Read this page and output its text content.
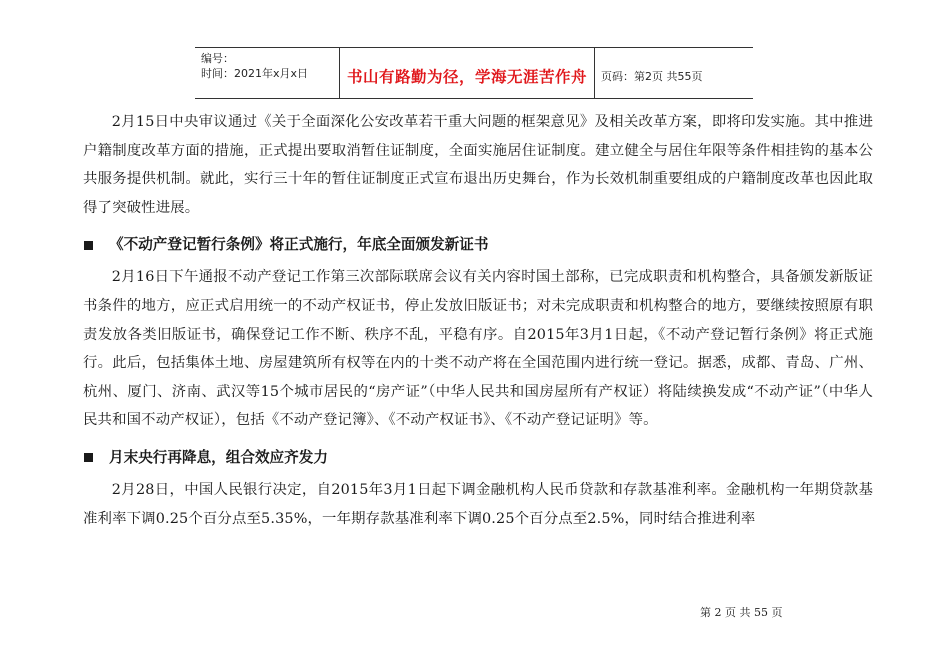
编号：
时间：2021年x月x日	书山有路勤为径，学海无涯苦作舟	页码：第2页 共55页

2月15日中央审议通过《关于全面深化公安改革若干重大问题的框架意见》及相关改革方案，即将印发实施。其中推进户籍制度改革方面的措施，正式提出要取消暂住证制度，全面实施居住证制度。建立健全与居住年限等条件相挂钩的基本公共服务提供机制。就此，实行三十年的暂住证制度正式宣布退出历史舞台，作为长效机制重要组成的户籍制度改革也因此取得了突破性进展。

《不动产登记暂行条例》将正式施行，年底全面颁发新证书

2月16日下午通报不动产登记工作第三次部际联席会议有关内容时国土部称，已完成职责和机构整合，具备颁发新版证书条件的地方，应正式启用统一的不动产权证书，停止发放旧版证书；对未完成职责和机构整合的地方，要继续按照原有职责发放各类旧版证书，确保登记工作不断、秩序不乱，平稳有序。自2015年3月1日起，《不动产登记暂行条例》将正式施行。此后，包括集体土地、房屋建筑所有权等在内的十类不动产将在全国范围内进行统一登记。据悉，成都、青岛、广州、杭州、厦门、济南、武汉等15个城市居民的“房产证”（中华人民共和国房屋所有产权证）将陆续换发成“不动产证”（中华人民共和国不动产权证），包括《不动产登记簿》、《不动产权证书》、《不动产登记证明》等。

月末央行再降息，组合效应齐发力

2月28日，中国人民银行决定，自2015年3月1日起下调金融机构人民币贷款和存款基准利率。金融机构一年期贷款基准利率下调0.25个百分点至5.35%，一年期存款基准利率下调0.25个百分点至2.5%，同时结合推进利率

第 2 页 共 55 页
